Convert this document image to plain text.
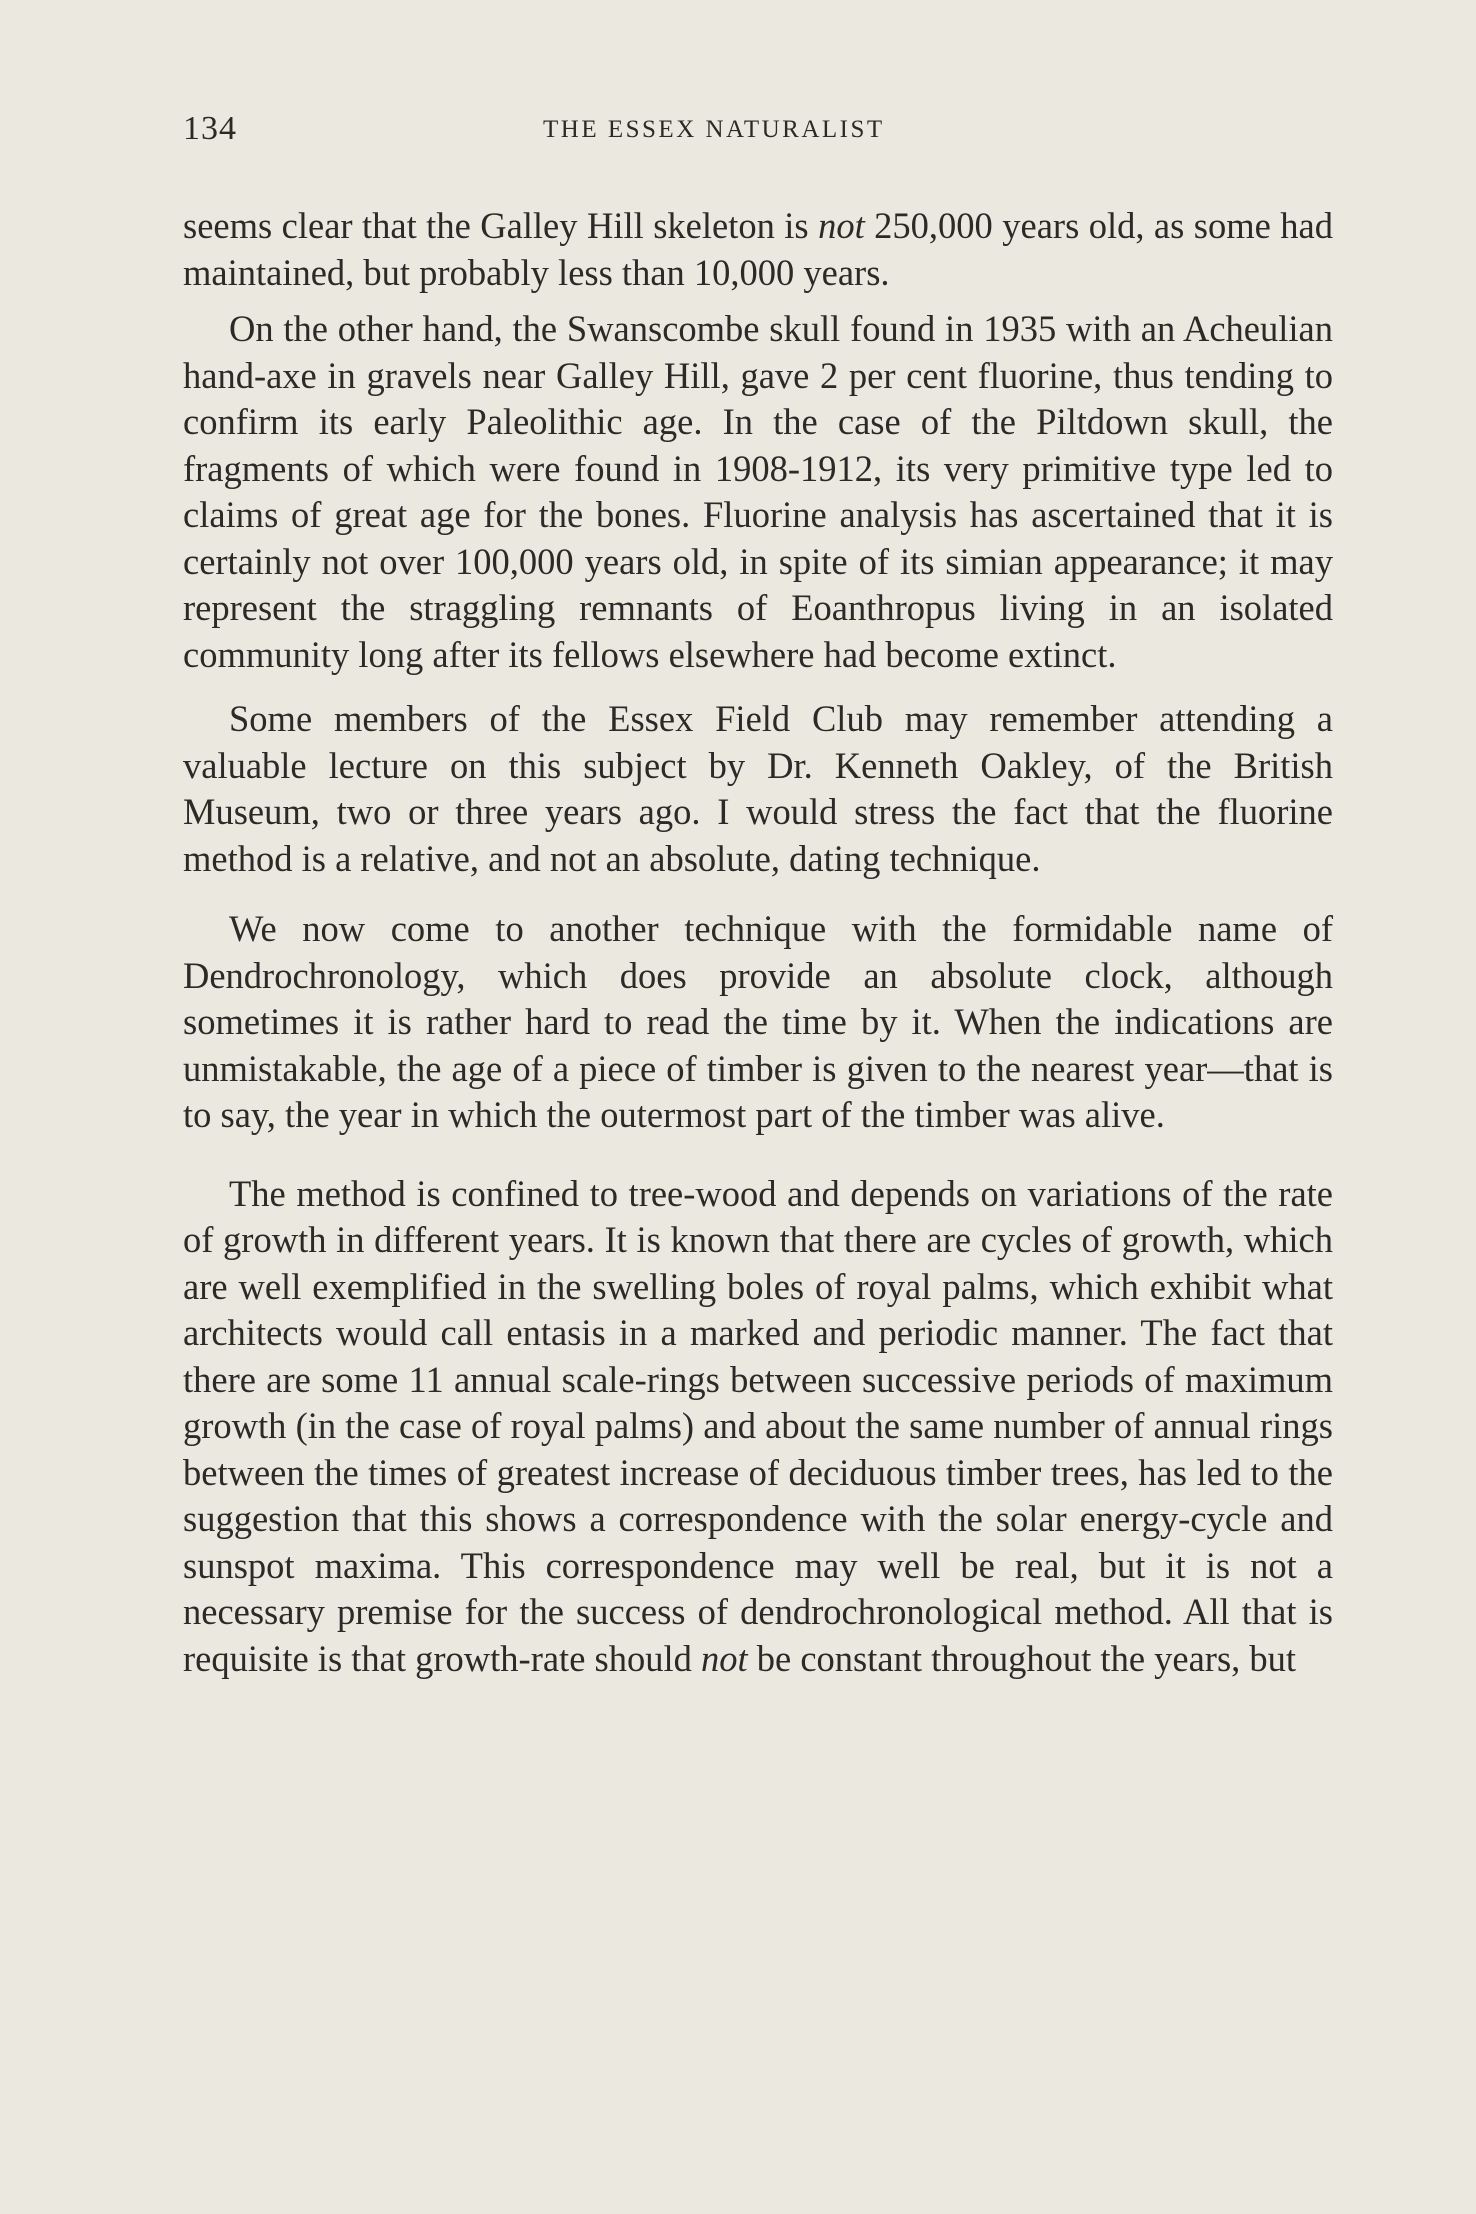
134	THE ESSEX NATURALIST

seems clear that the Galley Hill skeleton is not 250,000 years old, as some had maintained, but probably less than 10,000 years.

On the other hand, the Swanscombe skull found in 1935 with an Acheulian hand-axe in gravels near Galley Hill, gave 2 per cent fluorine, thus tending to confirm its early Paleolithic age. In the case of the Piltdown skull, the fragments of which were found in 1908-1912, its very primitive type led to claims of great age for the bones. Fluorine analysis has ascertained that it is certainly not over 100,000 years old, in spite of its simian appearance; it may represent the straggling remnants of Eoanthropus living in an isolated community long after its fellows elsewhere had become extinct.

Some members of the Essex Field Club may remember attending a valuable lecture on this subject by Dr. Kenneth Oakley, of the British Museum, two or three years ago. I would stress the fact that the fluorine method is a relative, and not an absolute, dating technique.

We now come to another technique with the formidable name of Dendrochronology, which does provide an absolute clock, although sometimes it is rather hard to read the time by it. When the indications are unmistakable, the age of a piece of timber is given to the nearest year—that is to say, the year in which the outermost part of the timber was alive.

The method is confined to tree-wood and depends on variations of the rate of growth in different years. It is known that there are cycles of growth, which are well exemplified in the swelling boles of royal palms, which exhibit what architects would call entasis in a marked and periodic manner. The fact that there are some 11 annual scale-rings between successive periods of maximum growth (in the case of royal palms) and about the same number of annual rings between the times of greatest increase of deciduous timber trees, has led to the suggestion that this shows a correspondence with the solar energy-cycle and sunspot maxima. This correspondence may well be real, but it is not a necessary premise for the success of dendrochronological method. All that is requisite is that growth-rate should not be constant throughout the years, but
